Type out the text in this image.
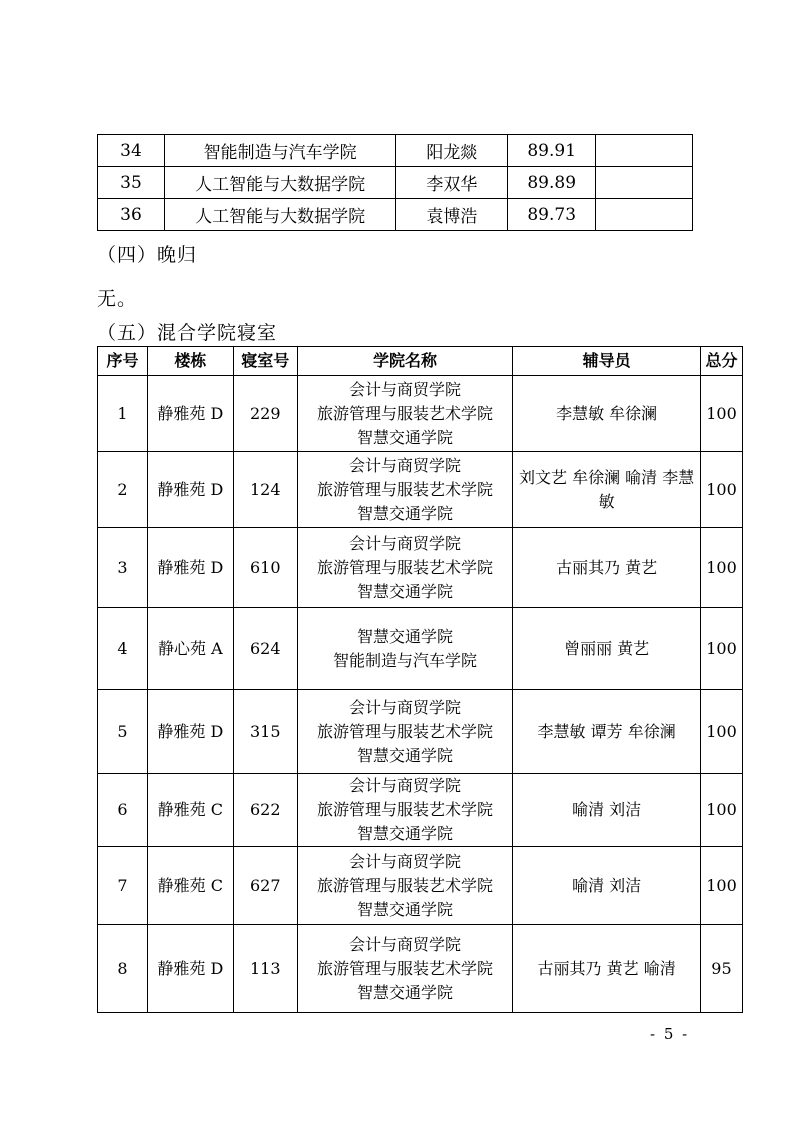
34	智能制造与汽车学院	阳龙燚	89.91	
35	人工智能与大数据学院	李双华	89.89	
36	人工智能与大数据学院	袁博浩	89.73	
（四）晚归
无。
（五）混合学院寝室
序号	楼栋	寝室号	学院名称	辅导员	总分
1	静雅苑 D	229	会计与商贸学院
旅游管理与服装艺术学院
智慧交通学院	李慧敏 牟徐澜	100
2	静雅苑 D	124	会计与商贸学院
旅游管理与服装艺术学院
智慧交通学院	刘文艺 牟徐澜 喻清 李慧敏	100
3	静雅苑 D	610	会计与商贸学院
旅游管理与服装艺术学院
智慧交通学院	古丽其乃 黄艺	100
4	静心苑 A	624	智慧交通学院
智能制造与汽车学院	曾丽丽 黄艺	100
5	静雅苑 D	315	会计与商贸学院
旅游管理与服装艺术学院
智慧交通学院	李慧敏 谭芳 牟徐澜	100
6	静雅苑 C	622	会计与商贸学院
旅游管理与服装艺术学院
智慧交通学院	喻清 刘洁	100
7	静雅苑 C	627	会计与商贸学院
旅游管理与服装艺术学院
智慧交通学院	喻清 刘洁	100
8	静雅苑 D	113	会计与商贸学院
旅游管理与服装艺术学院
智慧交通学院	古丽其乃 黄艺 喻清	95
- 5 -
